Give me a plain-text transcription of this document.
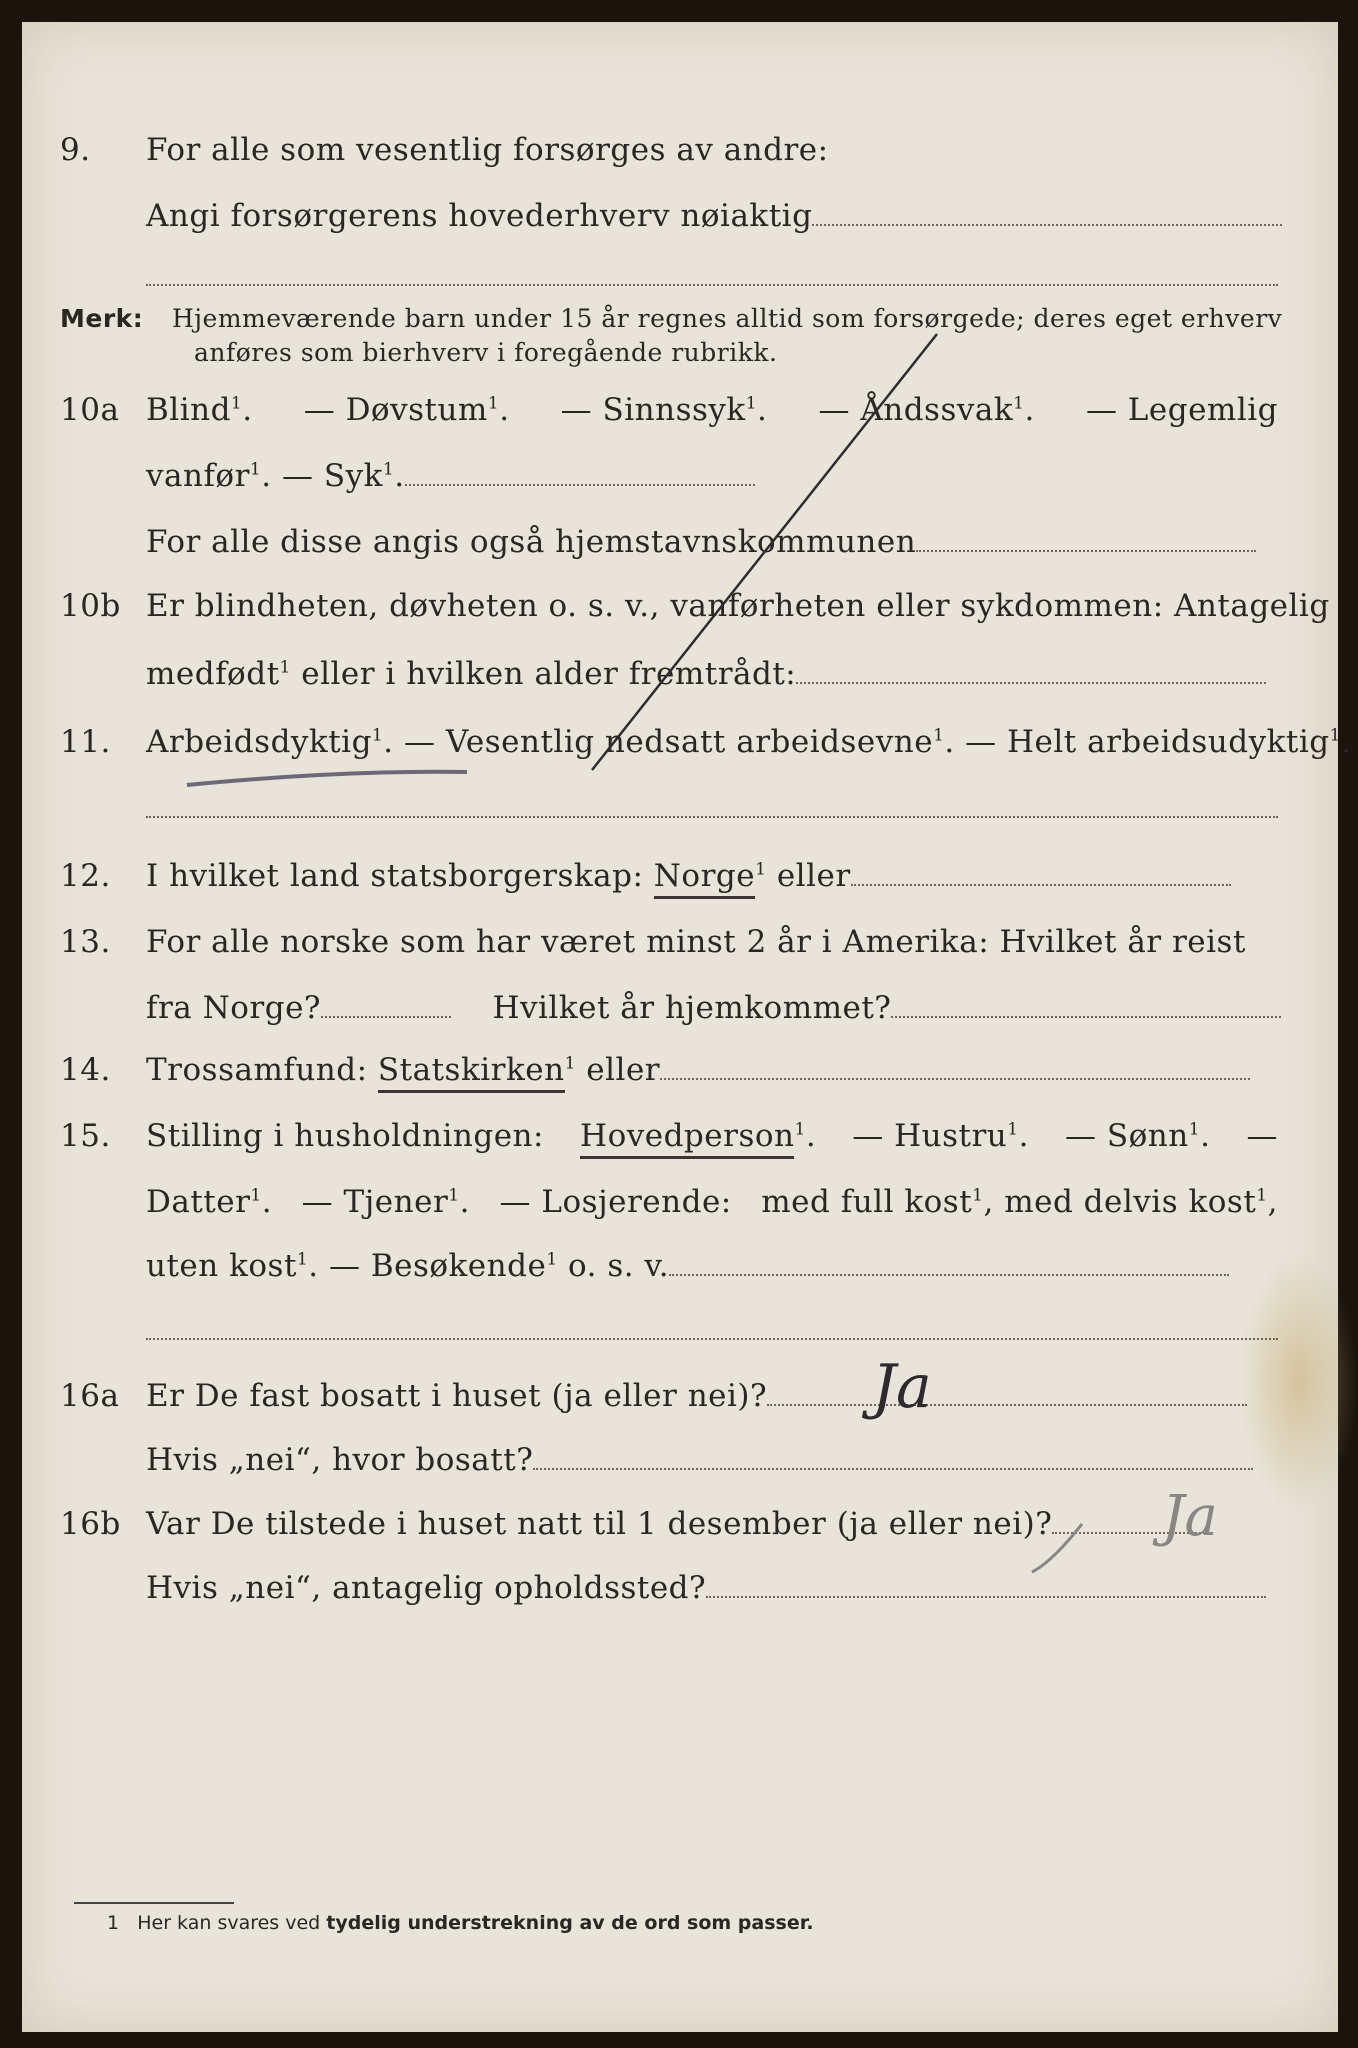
9. For alle som vesentlig forsørges av andre:
Angi forsørgerens hovederhverv nøiaktig
Merk: Hjemmeværende barn under 15 år regnes alltid som forsørgede; deres eget erhverv
anføres som bierhverv i foregående rubrikk.
10a Blind$^1$. — Døvstum$^1$. — Sinnssyk$^1$. — Åndssvak$^1$. — Legemlig
vanfør$^1$. — Syk$^1$.
For alle disse angis også hjemstavnskommunen
10b Er blindheten, døvheten o. s. v., vanførheten eller sykdommen: Antagelig
medfødt$^1$ eller i hvilken alder fremtrådt:
11. Arbeidsdyktig$^1$. — Vesentlig nedsatt arbeidsevne$^1$. — Helt arbeidsudyktig$^1$.
12. I hvilket land statsborgerskap: Norge$^1$ eller
13. For alle norske som har været minst 2 år i Amerika: Hvilket år reist
fra Norge?	Hvilket år hjemkommet?
14. Trossamfund: Statskirken$^1$ eller
15. Stilling i husholdningen: Hovedperson$^1$. — Hustru$^1$. — Sønn$^1$. —
Datter$^1$. — Tjener$^1$. — Losjerende: med full kost$^1$, med delvis kost$^1$,
uten kost$^1$. — Besøkende$^1$ o. s. v.
16a Er De fast bosatt i huset (ja eller nei)?	Ja
Hvis „nei“, hvor bosatt?
16b Var De tilstede i huset natt til 1 desember (ja eller nei)?	Ja
Hvis „nei“, antagelig opholdssted?
1 Her kan svares ved tydelig understrekning av de ord som passer.
